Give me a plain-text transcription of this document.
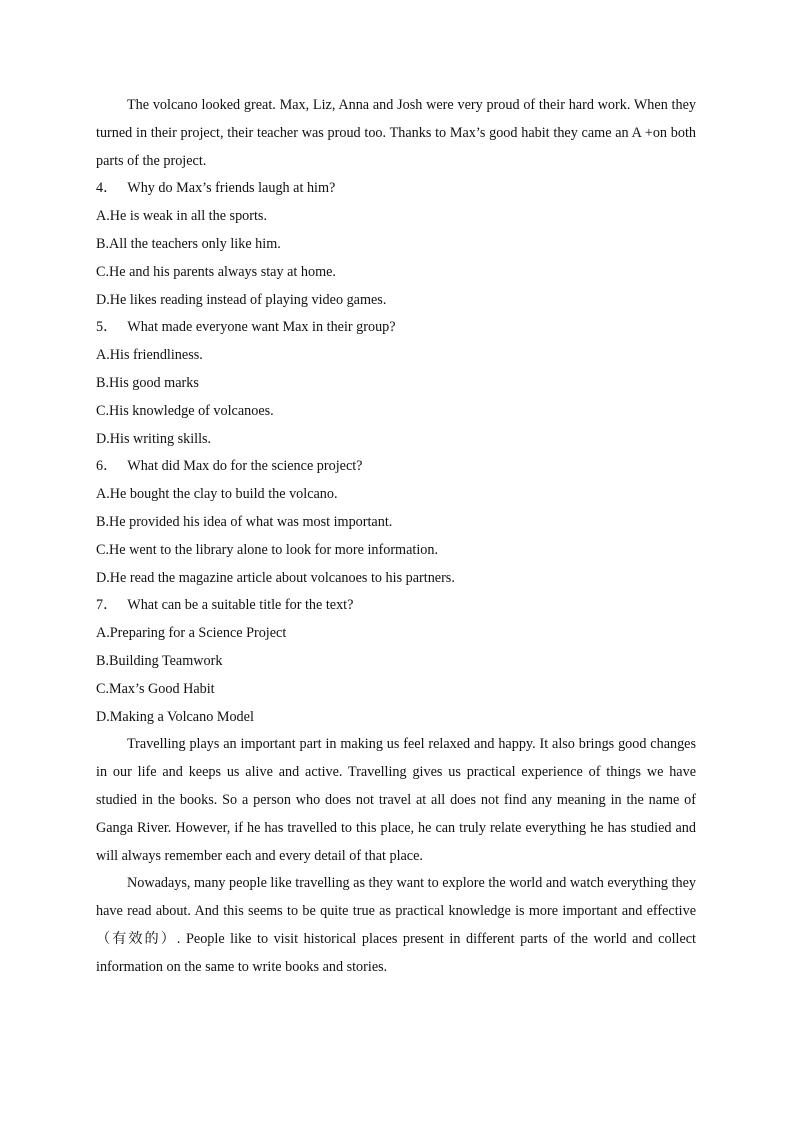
The volcano looked great. Max, Liz, Anna and Josh were very proud of their hard work. When they turned in their project, their teacher was proud too. Thanks to Max’s good habit they came an A +on both parts of the project.

4． Why do Max’s friends laugh at him?

A.He is weak in all the sports.

B.All the teachers only like him.

C.He and his parents always stay at home.

D.He likes reading instead of playing video games.

5． What made everyone want Max in their group?

A.His friendliness.

B.His good marks

C.His knowledge of volcanoes.

D.His writing skills.

6． What did Max do for the science project?

A.He bought the clay to build the volcano.

B.He provided his idea of what was most important.

C.He went to the library alone to look for more information.

D.He read the magazine article about volcanoes to his partners.

7． What can be a suitable title for the text?

A.Preparing for a Science Project

B.Building Teamwork

C.Max’s Good Habit

D.Making a Volcano Model

Travelling plays an important part in making us feel relaxed and happy. It also brings good changes in our life and keeps us alive and active. Travelling gives us practical experience of things we have studied in the books. So a person who does not travel at all does not find any meaning in the name of Ganga River. However, if he has travelled to this place, he can truly relate everything he has studied and will always remember each and every detail of that place.

Nowadays, many people like travelling as they want to explore the world and watch everything they have read about. And this seems to be quite true as practical knowledge is more important and effective （有效的）. People like to visit historical places present in different parts of the world and collect information on the same to write books and stories.
